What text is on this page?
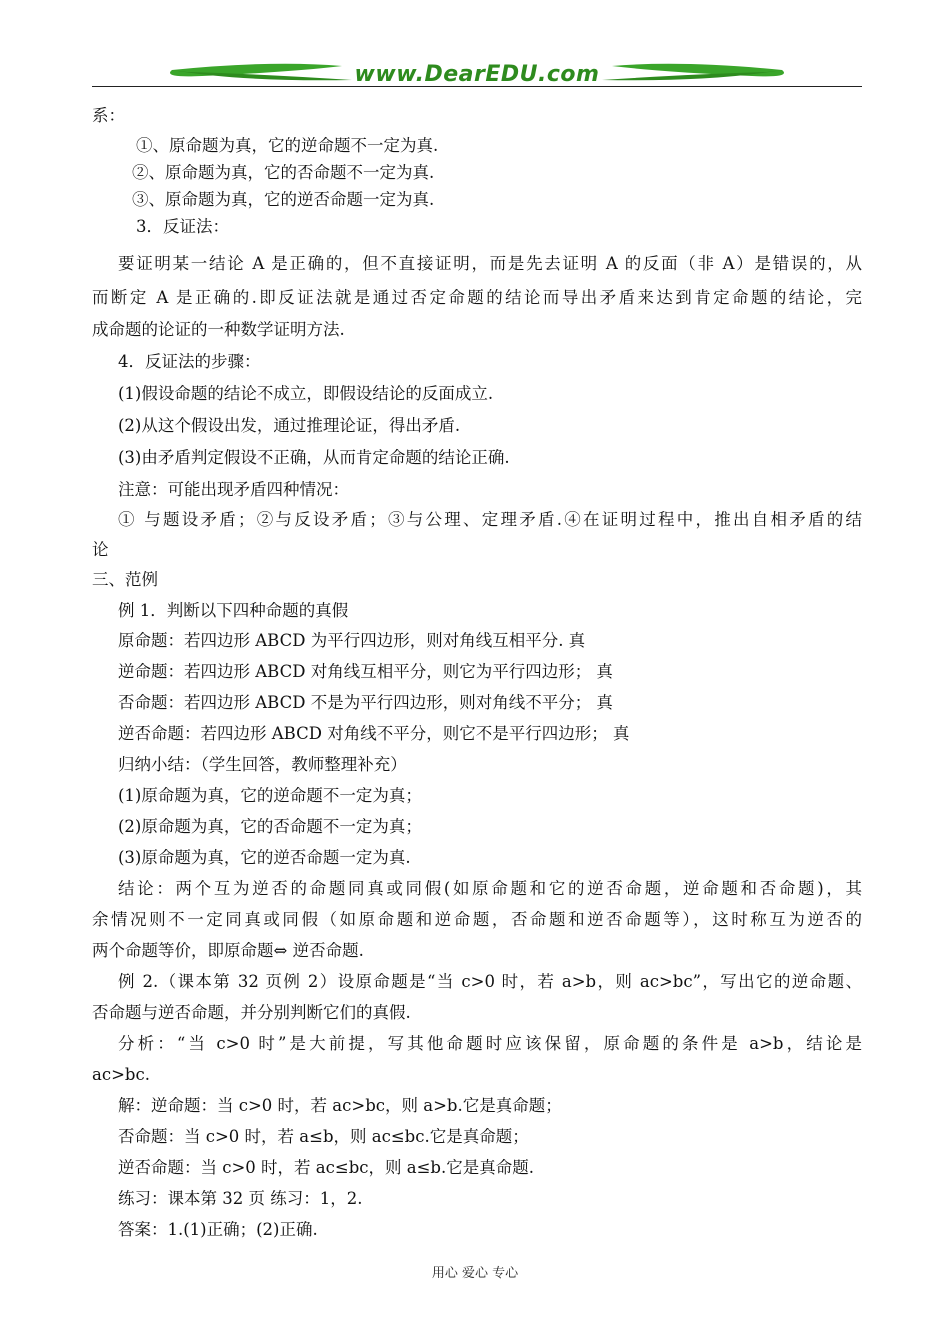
www.DearEDU.com
系：
①、原命题为真，它的逆命题不一定为真.
②、原命题为真，它的否命题不一定为真.
③、原命题为真，它的逆否命题一定为真.
3．反证法：
要证明某一结论 A 是正确的，但不直接证明，而是先去证明 A 的反面（非 A）是错误的，从
而断定 A 是正确的.即反证法就是通过否定命题的结论而导出矛盾来达到肯定命题的结论，完
成命题的论证的一种数学证明方法.
4．反证法的步骤：
(1)假设命题的结论不成立，即假设结论的反面成立.
(2)从这个假设出发，通过推理论证，得出矛盾.
(3)由矛盾判定假设不正确，从而肯定命题的结论正确.
注意：可能出现矛盾四种情况：
① 与题设矛盾；②与反设矛盾；③与公理、定理矛盾.④在证明过程中，推出自相矛盾的结
论
三、范例
例 1．判断以下四种命题的真假
原命题：若四边形 ABCD 为平行四边形，则对角线互相平分. 真
逆命题：若四边形 ABCD 对角线互相平分，则它为平行四边形； 真
否命题：若四边形 ABCD 不是为平行四边形，则对角线不平分； 真
逆否命题：若四边形 ABCD 对角线不平分，则它不是平行四边形； 真
归纳小结：（学生回答，教师整理补充）
(1)原命题为真，它的逆命题不一定为真；
(2)原命题为真，它的否命题不一定为真；
(3)原命题为真，它的逆否命题一定为真.
结论：两个互为逆否的命题同真或同假(如原命题和它的逆否命题，逆命题和否命题)，其
余情况则不一定同真或同假（如原命题和逆命题，否命题和逆否命题等），这时称互为逆否的
两个命题等价，即原命题⇔ 逆否命题.
例 2.（课本第 32 页例 2）设原命题是“当 c>0 时，若 a>b，则 ac>bc”，写出它的逆命题、
否命题与逆否命题，并分别判断它们的真假.
分析：“当 c>0 时”是大前提，写其他命题时应该保留，原命题的条件是 a>b，结论是
ac>bc.
解：逆命题：当 c>0 时，若 ac>bc，则 a>b.它是真命题；
否命题：当 c>0 时，若 a≤b，则 ac≤bc.它是真命题；
逆否命题：当 c>0 时，若 ac≤bc，则 a≤b.它是真命题.
练习：课本第 32 页 练习：1，2.
答案：1.(1)正确；(2)正确.
用心 爱心 专心
